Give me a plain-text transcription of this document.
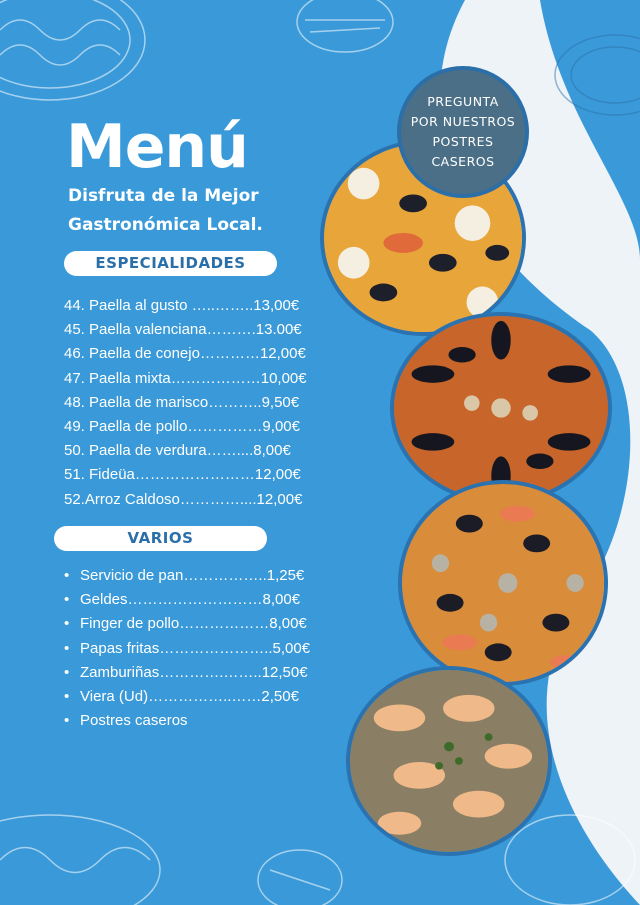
Menú
Disfruta de la Mejor
Gastronómica Local.
ESPECIALIDADES
44. Paella al gusto …..……..13,00€
45. Paella valenciana……….13.00€
46. Paella de conejo…………12,00€
47. Paella mixta………………10,00€
48. Paella de marisco………..9,50€
49. Paella de pollo……………9,00€
50. Paella de verdura……....8,00€
51. Fideüa……………………12,00€
52.Arroz Caldoso…………....12,00€
VARIOS
• Servicio de pan……………..1,25€
• Geldes………………………8,00€
• Finger de pollo………………8,00€
• Papas fritas…………………..5,00€
• Zamburiñas………….……..12,50€
• Viera (Ud)……………..……2,50€
• Postres caseros
PREGUNTA
POR NUESTROS
POSTRES
CASEROS
